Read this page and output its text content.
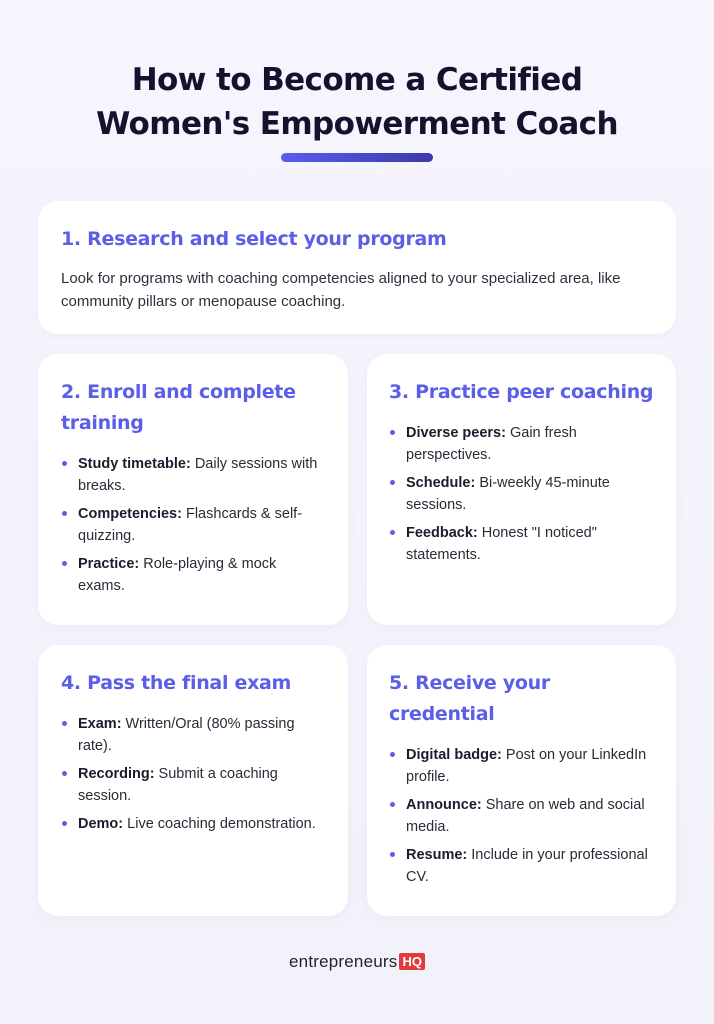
How to Become a Certified
Women's Empowerment Coach
1. Research and select your program

Look for programs with coaching competencies aligned to your specialized area, like community pillars or menopause coaching.

2. Enroll and complete training
Study timetable: Daily sessions with breaks.
Competencies: Flashcards & self-quizzing.
Practice: Role-playing & mock exams.
3. Practice peer coaching
Diverse peers: Gain fresh perspectives.
Schedule: Bi-weekly 45-minute sessions.
Feedback: Honest "I noticed" statements.
4. Pass the final exam
Exam: Written/Oral (80% passing rate).
Recording: Submit a coaching session.
Demo: Live coaching demonstration.
5. Receive your credential
Digital badge: Post on your LinkedIn profile.
Announce: Share on web and social media.
Resume: Include in your professional CV.
entrepreneurs HQ
